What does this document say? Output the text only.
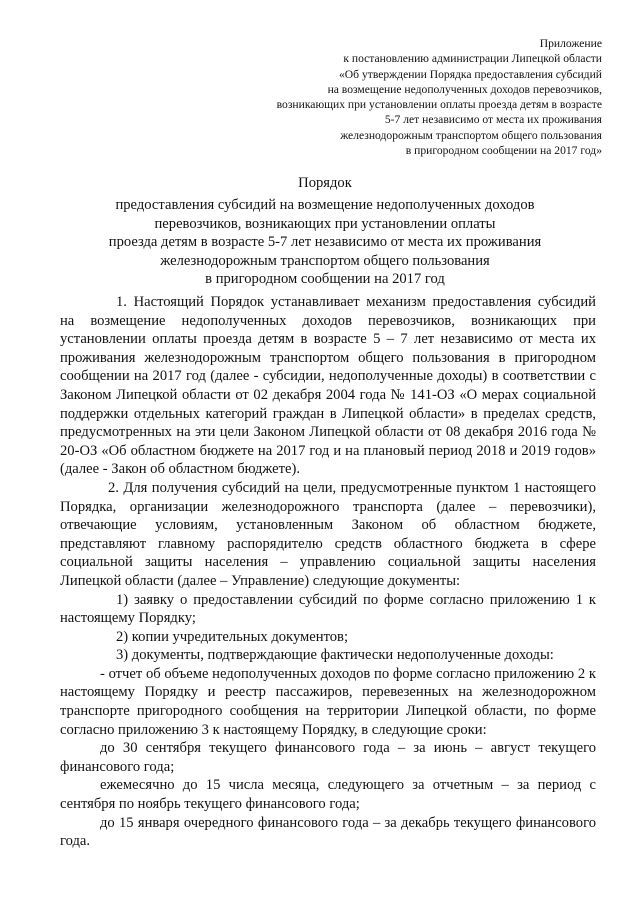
Приложение
к постановлению администрации Липецкой области
«Об утверждении Порядка предоставления субсидий
на возмещение недополученных доходов перевозчиков,
возникающих при установлении оплаты проезда детям в возрасте
5-7 лет независимо от места их проживания
железнодорожным транспортом общего пользования
в пригородном сообщении на 2017 год»
Порядок
предоставления субсидий на возмещение недополученных доходов
перевозчиков, возникающих при установлении оплаты
проезда детям в возрасте 5-7 лет независимо от места их проживания
железнодорожным транспортом общего пользования
в пригородном сообщении на 2017 год

1. Настоящий Порядок устанавливает механизм предоставления субсидий на возмещение недополученных доходов перевозчиков, возникающих при установлении оплаты проезда детям в возрасте 5 – 7 лет независимо от места их проживания железнодорожным транспортом общего пользования в пригородном сообщении на 2017 год (далее - субсидии, недополученные доходы) в соответствии с Законом Липецкой области от 02 декабря 2004 года № 141-ОЗ «О мерах социальной поддержки отдельных категорий граждан в Липецкой области» в пределах средств, предусмотренных на эти цели Законом Липецкой области от 08 декабря 2016 года № 20-ОЗ «Об областном бюджете на 2017 год и на плановый период 2018 и 2019 годов» (далее - Закон об областном бюджете).

2. Для получения субсидий на цели, предусмотренные пунктом 1 настоящего Порядка, организации железнодорожного транспорта (далее – перевозчики), отвечающие условиям, установленным Законом об областном бюджете, представляют главному распорядителю средств областного бюджета в сфере социальной защиты населения – управлению социальной защиты населения Липецкой области (далее – Управление) следующие документы:

1) заявку о предоставлении субсидий по форме согласно приложению 1 к настоящему Порядку;

2) копии учредительных документов;

3) документы, подтверждающие фактически недополученные доходы:

- отчет об объеме недополученных доходов по форме согласно приложению 2 к настоящему Порядку и реестр пассажиров, перевезенных на железнодорожном транспорте пригородного сообщения на территории Липецкой области, по форме согласно приложению 3 к настоящему Порядку, в следующие сроки:

до 30 сентября текущего финансового года – за июнь – август текущего финансового года;

ежемесячно до 15 числа месяца, следующего за отчетным – за период с сентября по ноябрь текущего финансового года;

до 15 января очередного финансового года – за декабрь текущего финансового года.
